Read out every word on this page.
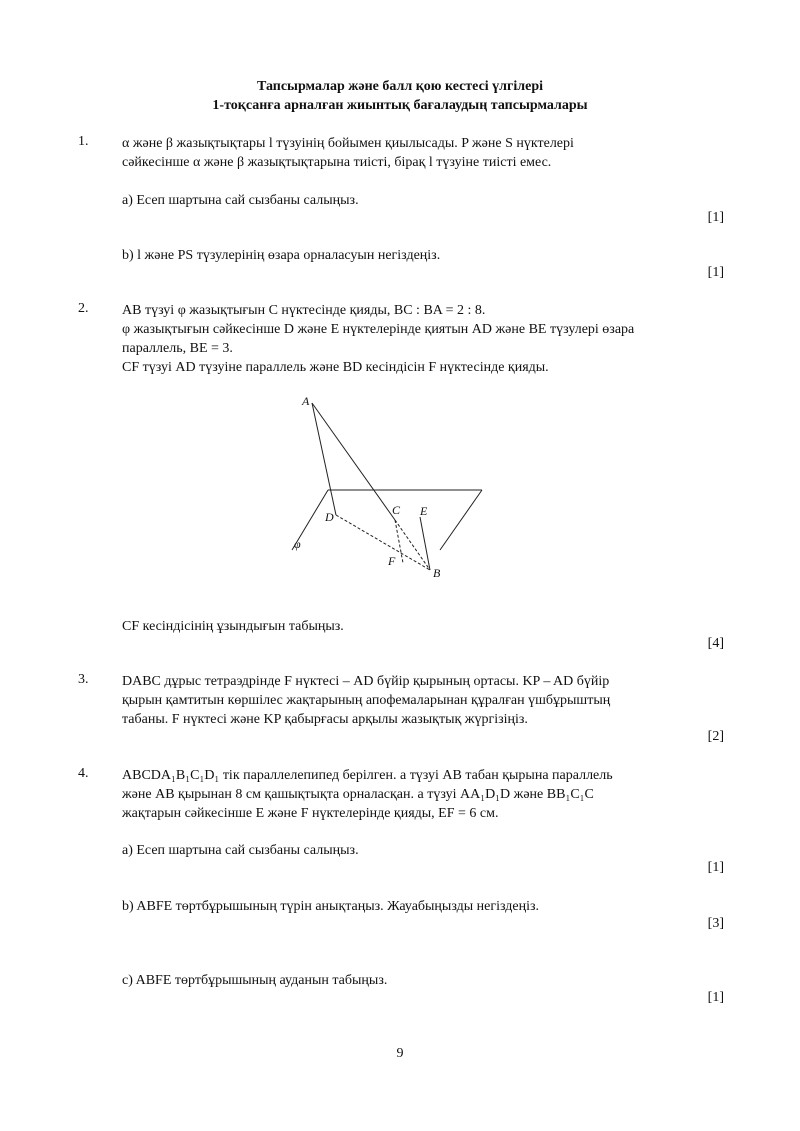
Тапсырмалар және балл қою кестесі үлгілері
1-тоқсанға арналған жиынтық бағалаудың тапсырмалары
1. α және β жазықтықтары l түзуінің бойымен қиылысады. P және S нүктелері
сәйкесінше α және β жазықтықтарына тиісті, бірақ l түзуіне тиісті емес.
a) Есеп шартына сай сызбаны салыңыз.
[1]
b) l және PS түзулерінің өзара орналасуын негіздеңіз.
[1]
2. AB түзуі φ жазықтығын C нүктесінде қияды, BC : BA = 2 : 8.
φ жазықтығын сәйкесінше D және E нүктелерінде қиятын AD және BE түзулері өзара
параллель, BE = 3.
CF түзуі AD түзуіне параллель және BD кесіндісін F нүктесінде қияды.
A
B
C
D	E
F
φ
CF кесіндісінің ұзындығын табыңыз.
[4]
3. DABC дұрыс тетраэдрінде F нүктесі – AD бүйір қырының ортасы. KP – AD бүйір
қырын қамтитын көршілес жақтарының апофемаларынан құралған үшбұрыштың
табаны. F нүктесі және KP қабырғасы арқылы жазықтық жүргізіңіз.
[2]
4. ABCDA₁B₁C₁D₁ тік параллелепипед берілген. a түзуі AB табан қырына параллель
және AB қырынан 8 см қашықтықта орналасқан. a түзуі AA₁D₁D және BB₁C₁C
жақтарын сәйкесінше E және F нүктелерінде қияды, EF = 6 см.
a) Есеп шартына сай сызбаны салыңыз.
[1]
b) ABFE төртбұрышының түрін анықтаңыз. Жауабыңызды негіздеңіз.
[3]
c) ABFE төртбұрышының ауданын табыңыз.
[1]
9
